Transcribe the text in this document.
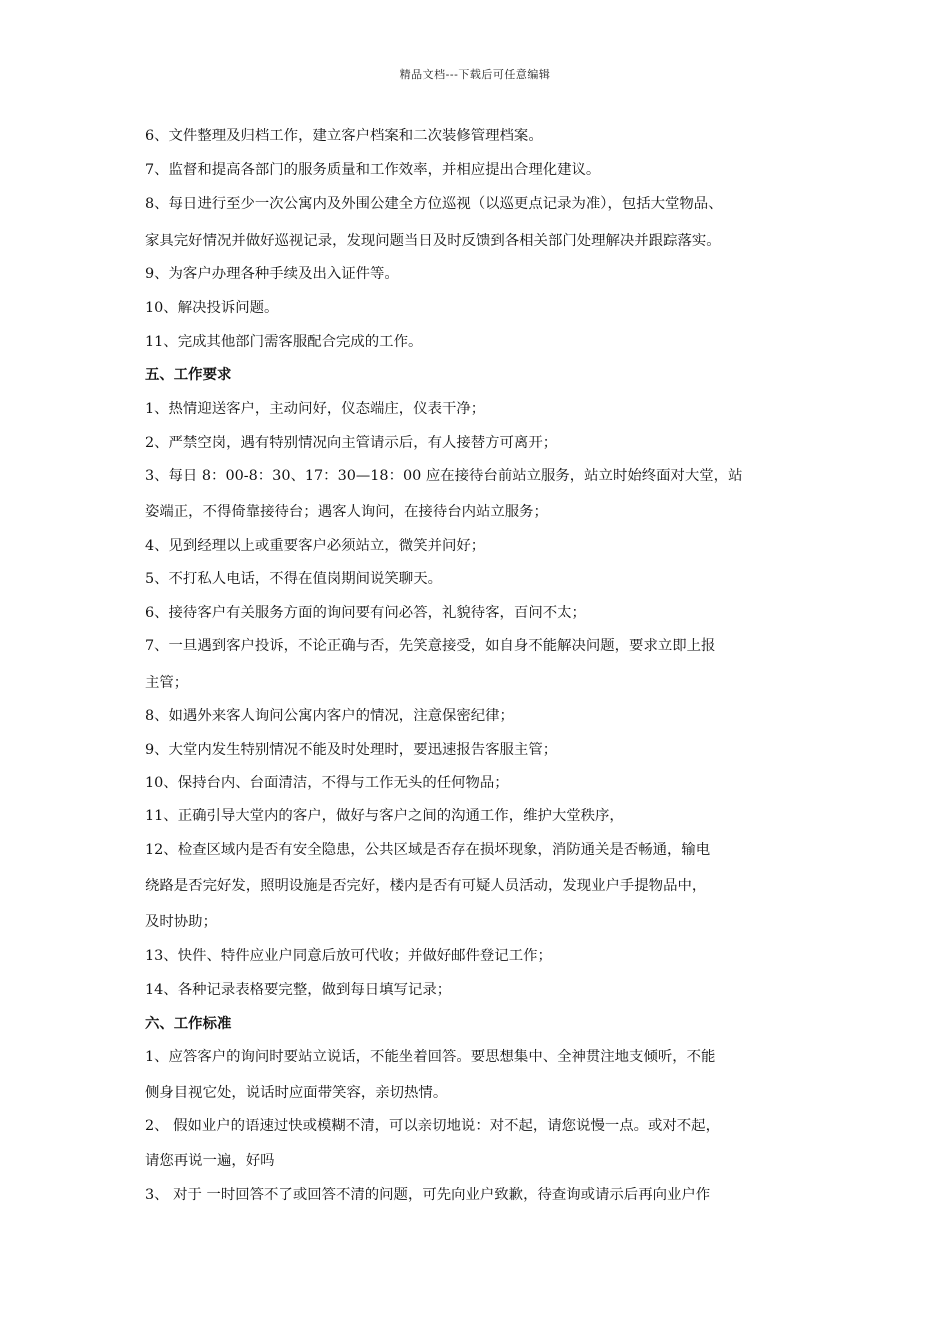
精品文档---下载后可任意编辑
6、文件整理及归档工作，建立客户档案和二次装修管理档案。
7、监督和提高各部门的服务质量和工作效率，并相应提出合理化建议。
8、每日进行至少一次公寓内及外围公建全方位巡视（以巡更点记录为准），包括大堂物品、
家具完好情况并做好巡视记录，发现问题当日及时反馈到各相关部门处理解决并跟踪落实。
9、为客户办理各种手续及出入证件等。
10、解决投诉问题。
11、完成其他部门需客服配合完成的工作。
五、工作要求
1、热情迎送客户，主动问好，仪态端庄，仪表干净；
2、严禁空岗，遇有特别情况向主管请示后，有人接替方可离开；
3、每日 8：00-8：30、17：30—18：00 应在接待台前站立服务，站立时始终面对大堂，站
姿端正，不得倚靠接待台；遇客人询问，在接待台内站立服务；
4、见到经理以上或重要客户必须站立，微笑并问好；
5、不打私人电话，不得在值岗期间说笑聊天。
6、接待客户有关服务方面的询问要有问必答，礼貌待客，百问不太；
7、一旦遇到客户投诉，不论正确与否，先笑意接受，如自身不能解决问题，要求立即上报
主管；
8、如遇外来客人询问公寓内客户的情况，注意保密纪律；
9、大堂内发生特别情况不能及时处理时，要迅速报告客服主管；
10、保持台内、台面清洁，不得与工作无头的任何物品；
11、正确引导大堂内的客户，做好与客户之间的沟通工作，维护大堂秩序，
12、检查区域内是否有安全隐患，公共区域是否存在损坏现象，消防通关是否畅通，输电
绕路是否完好发，照明设施是否完好，楼内是否有可疑人员活动，发现业户手提物品中，
及时协助；
13、快件、特件应业户同意后放可代收；并做好邮件登记工作；
14、各种记录表格要完整，做到每日填写记录；
六、工作标准
1、应答客户的询问时要站立说话，不能坐着回答。要思想集中、全神贯注地支倾听，不能
侧身目视它处，说话时应面带笑容，亲切热情。
2、 假如业户的语速过快或模糊不清，可以亲切地说：对不起，请您说慢一点。或对不起，
请您再说一遍，好吗
3、 对于 一时回答不了或回答不清的问题，可先向业户致歉，待查询或请示后再向业户作
